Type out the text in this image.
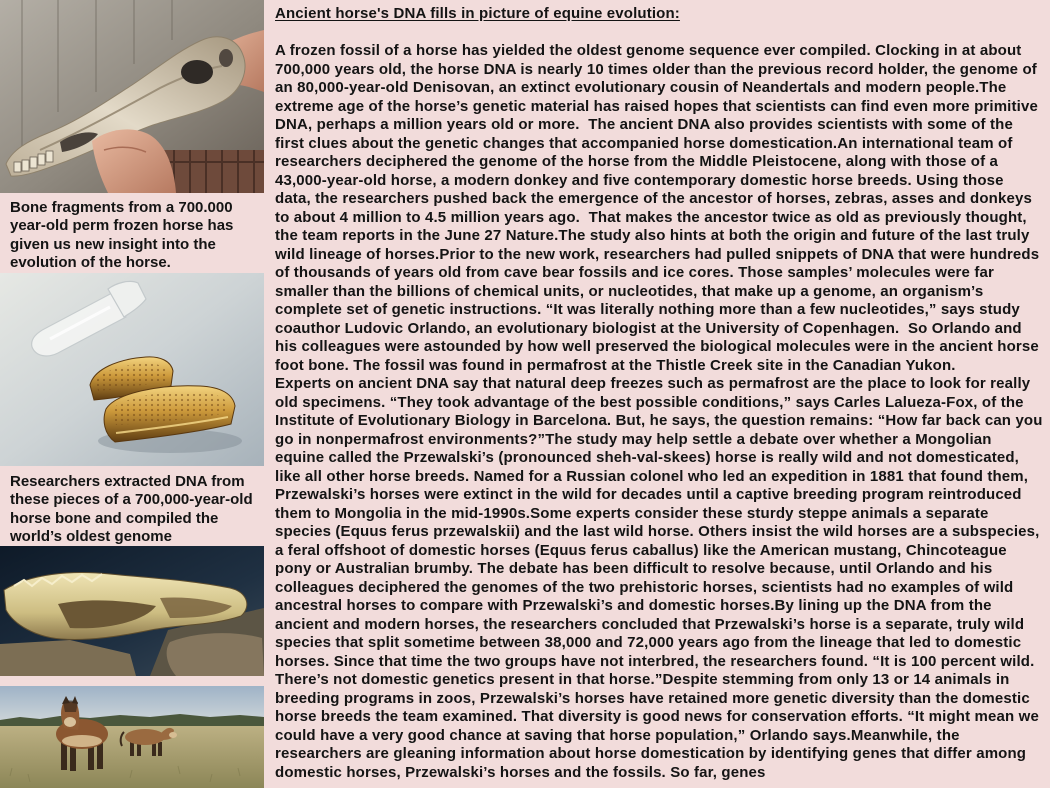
Bone fragments from a 700.000
year-old perm frozen horse has
given us new insight into the
evolution of the horse.
Researchers extracted DNA from
these pieces of a 700,000-year-old
horse bone and compiled the
world’s oldest genome
Ancient horse's DNA fills in picture of equine evolution:
A frozen fossil of a horse has yielded the oldest genome sequence ever compiled. Clocking in at about
700,000 years old, the horse DNA is nearly 10 times older than the previous record holder, the genome of
an 80,000-year-old Denisovan, an extinct evolutionary cousin of Neandertals and modern people.The
extreme age of the horse’s genetic material has raised hopes that scientists can find even more primitive
DNA, perhaps a million years old or more.  The ancient DNA also provides scientists with some of the
first clues about the genetic changes that accompanied horse domestication.An international team of
researchers deciphered the genome of the horse from the Middle Pleistocene, along with those of a
43,000-year-old horse, a modern donkey and five contemporary domestic horse breeds. Using those
data, the researchers pushed back the emergence of the ancestor of horses, zebras, asses and donkeys
to about 4 million to 4.5 million years ago.  That makes the ancestor twice as old as previously thought,
the team reports in the June 27 Nature.The study also hints at both the origin and future of the last truly
wild lineage of horses.Prior to the new work, researchers had pulled snippets of DNA that were hundreds
of thousands of years old from cave bear fossils and ice cores. Those samples’ molecules were far
smaller than the billions of chemical units, or nucleotides, that make up a genome, an organism’s
complete set of genetic instructions. “It was literally nothing more than a few nucleotides,” says study
coauthor Ludovic Orlando, an evolutionary biologist at the University of Copenhagen.  So Orlando and
his colleagues were astounded by how well preserved the biological molecules were in the ancient horse
foot bone. The fossil was found in permafrost at the Thistle Creek site in the Canadian Yukon.
Experts on ancient DNA say that natural deep freezes such as permafrost are the place to look for really
old specimens. “They took advantage of the best possible conditions,” says Carles Lalueza-Fox, of the
Institute of Evolutionary Biology in Barcelona. But, he says, the question remains: “How far back can you
go in nonpermafrost environments?”The study may help settle a debate over whether a Mongolian
equine called the Przewalski’s (pronounced sheh-val-skees) horse is really wild and not domesticated,
like all other horse breeds. Named for a Russian colonel who led an expedition in 1881 that found them,
Przewalski’s horses were extinct in the wild for decades until a captive breeding program reintroduced
them to Mongolia in the mid-1990s.Some experts consider these sturdy steppe animals a separate
species (Equus ferus przewalskii) and the last wild horse. Others insist the wild horses are a subspecies,
a feral offshoot of domestic horses (Equus ferus caballus) like the American mustang, Chincoteague
pony or Australian brumby. The debate has been difficult to resolve because, until Orlando and his
colleagues deciphered the genomes of the two prehistoric horses, scientists had no examples of wild
ancestral horses to compare with Przewalski’s and domestic horses.By lining up the DNA from the
ancient and modern horses, the researchers concluded that Przewalski’s horse is a separate, truly wild
species that split sometime between 38,000 and 72,000 years ago from the lineage that led to domestic
horses. Since that time the two groups have not interbred, the researchers found. “It is 100 percent wild.
There’s not domestic genetics present in that horse.”Despite stemming from only 13 or 14 animals in
breeding programs in zoos, Przewalski’s horses have retained more genetic diversity than the domestic
horse breeds the team examined. That diversity is good news for conservation efforts. “It might mean we
could have a very good chance at saving that horse population,” Orlando says.Meanwhile, the
researchers are gleaning information about horse domestication by identifying genes that differ among
domestic horses, Przewalski’s horses and the fossils. So far, genes
